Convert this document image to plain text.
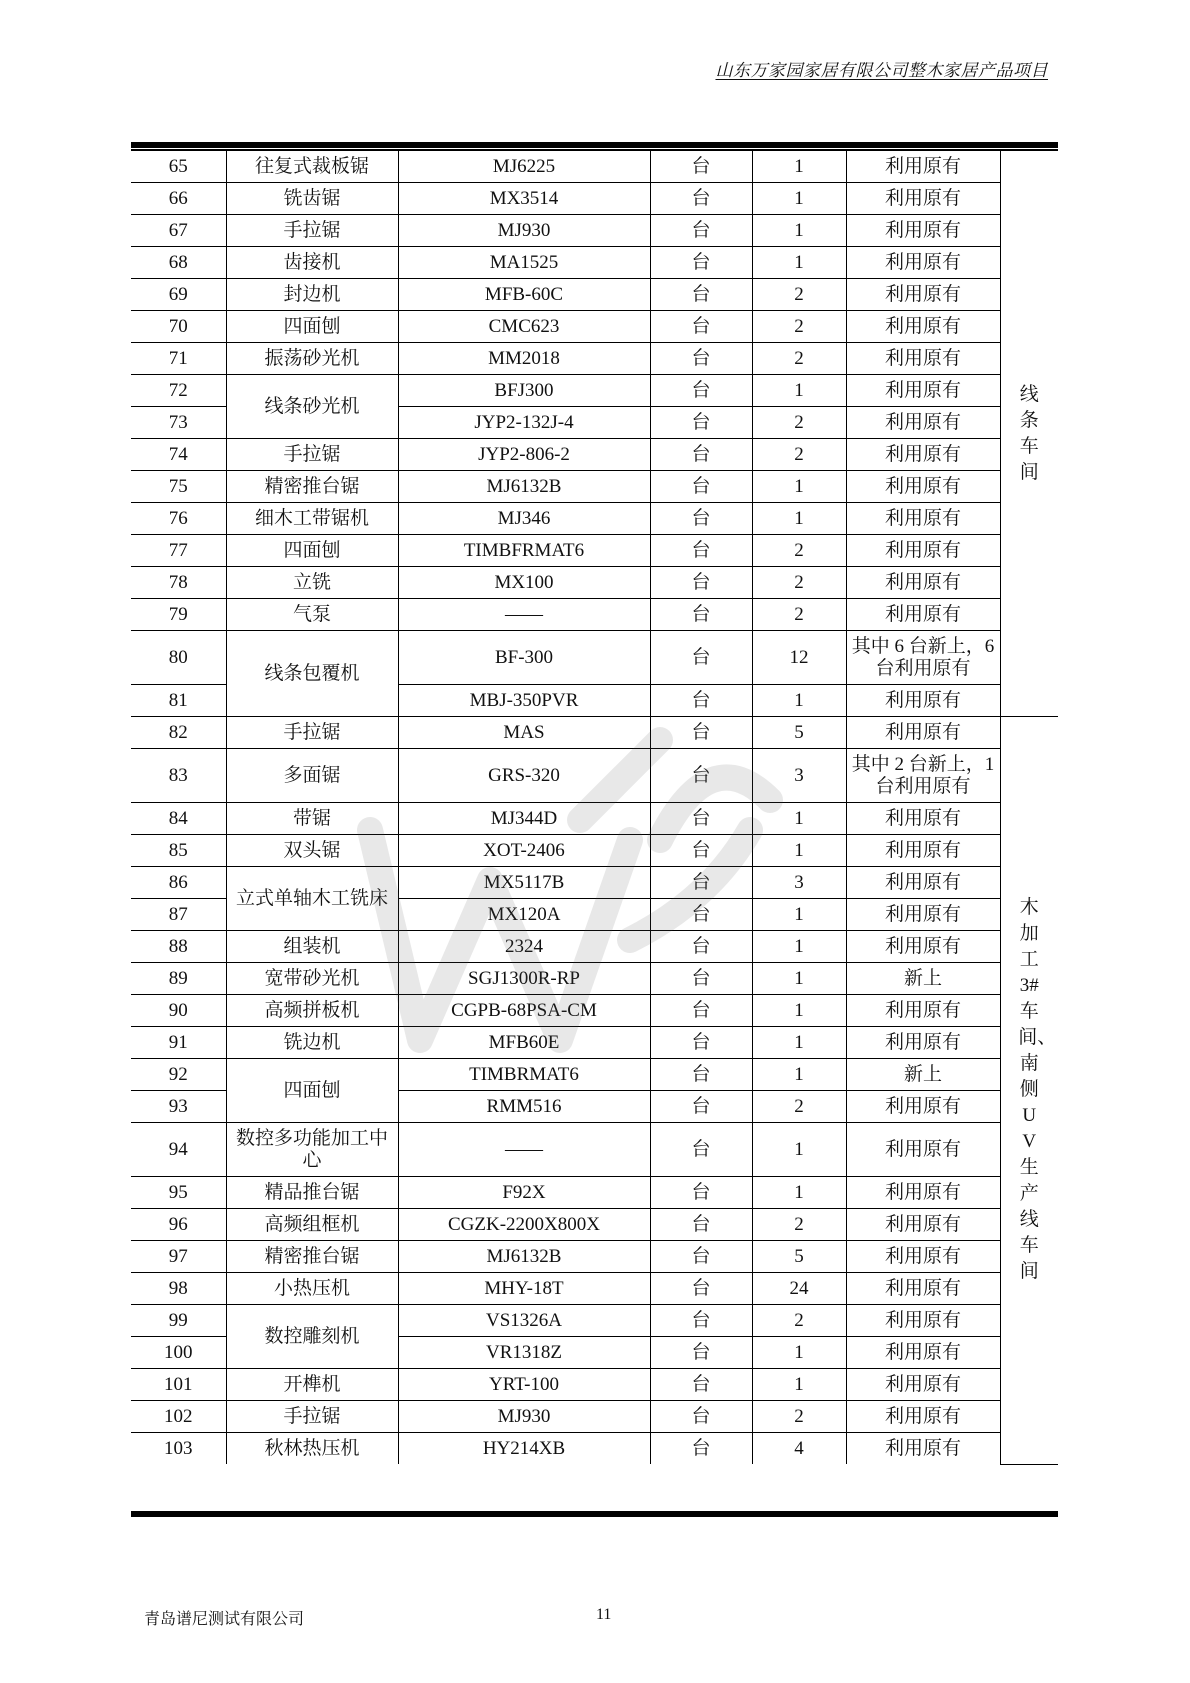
山东万家园家居有限公司整木家居产品项目
65	往复式裁板锯	MJ6225	台	1	利用原有	线条车间
66	铣齿锯	MX3514	台	1	利用原有	
67	手拉锯	MJ930	台	1	利用原有	
68	齿接机	MA1525	台	1	利用原有	
69	封边机	MFB-60C	台	2	利用原有	
70	四面刨	CMC623	台	2	利用原有	
71	振荡砂光机	MM2018	台	2	利用原有	
72	线条砂光机	BFJ300	台	1	利用原有	
73		JYP2-132J-4	台	2	利用原有	
74	手拉锯	JYP2-806-2	台	2	利用原有	
75	精密推台锯	MJ6132B	台	1	利用原有	
76	细木工带锯机	MJ346	台	1	利用原有	
77	四面刨	TIMBFRMAT6	台	2	利用原有	
78	立铣	MX100	台	2	利用原有	
79	气泵	——	台	2	利用原有	
80	线条包覆机	BF-300	台	12	其中 6 台新上，6 台利用原有	
81		MBJ-350PVR	台	1	利用原有	
82	手拉锯	MAS	台	5	利用原有	木加工3#车间、南侧UV生产线车间
83	多面锯	GRS-320	台	3	其中 2 台新上，1 台利用原有	
84	带锯	MJ344D	台	1	利用原有	
85	双头锯	XOT-2406	台	1	利用原有	
86	立式单轴木工铣床	MX5117B	台	3	利用原有	
87		MX120A	台	1	利用原有	
88	组装机	2324	台	1	利用原有	
89	宽带砂光机	SGJ1300R-RP	台	1	新上	
90	高频拼板机	CGPB-68PSA-CM	台	1	利用原有	
91	铣边机	MFB60E	台	1	利用原有	
92	四面刨	TIMBRMAT6	台	1	新上	
93		RMM516	台	2	利用原有	
94	数控多功能加工中心	——	台	1	利用原有	
95	精品推台锯	F92X	台	1	利用原有	
96	高频组框机	CGZK-2200X800X	台	2	利用原有	
97	精密推台锯	MJ6132B	台	5	利用原有	
98	小热压机	MHY-18T	台	24	利用原有	
99	数控雕刻机	VS1326A	台	2	利用原有	
100		VR1318Z	台	1	利用原有	
101	开榫机	YRT-100	台	1	利用原有	
102	手拉锯	MJ930	台	2	利用原有	
103	秋林热压机	HY214XB	台	4	利用原有	
青岛谱尼测试有限公司	11
